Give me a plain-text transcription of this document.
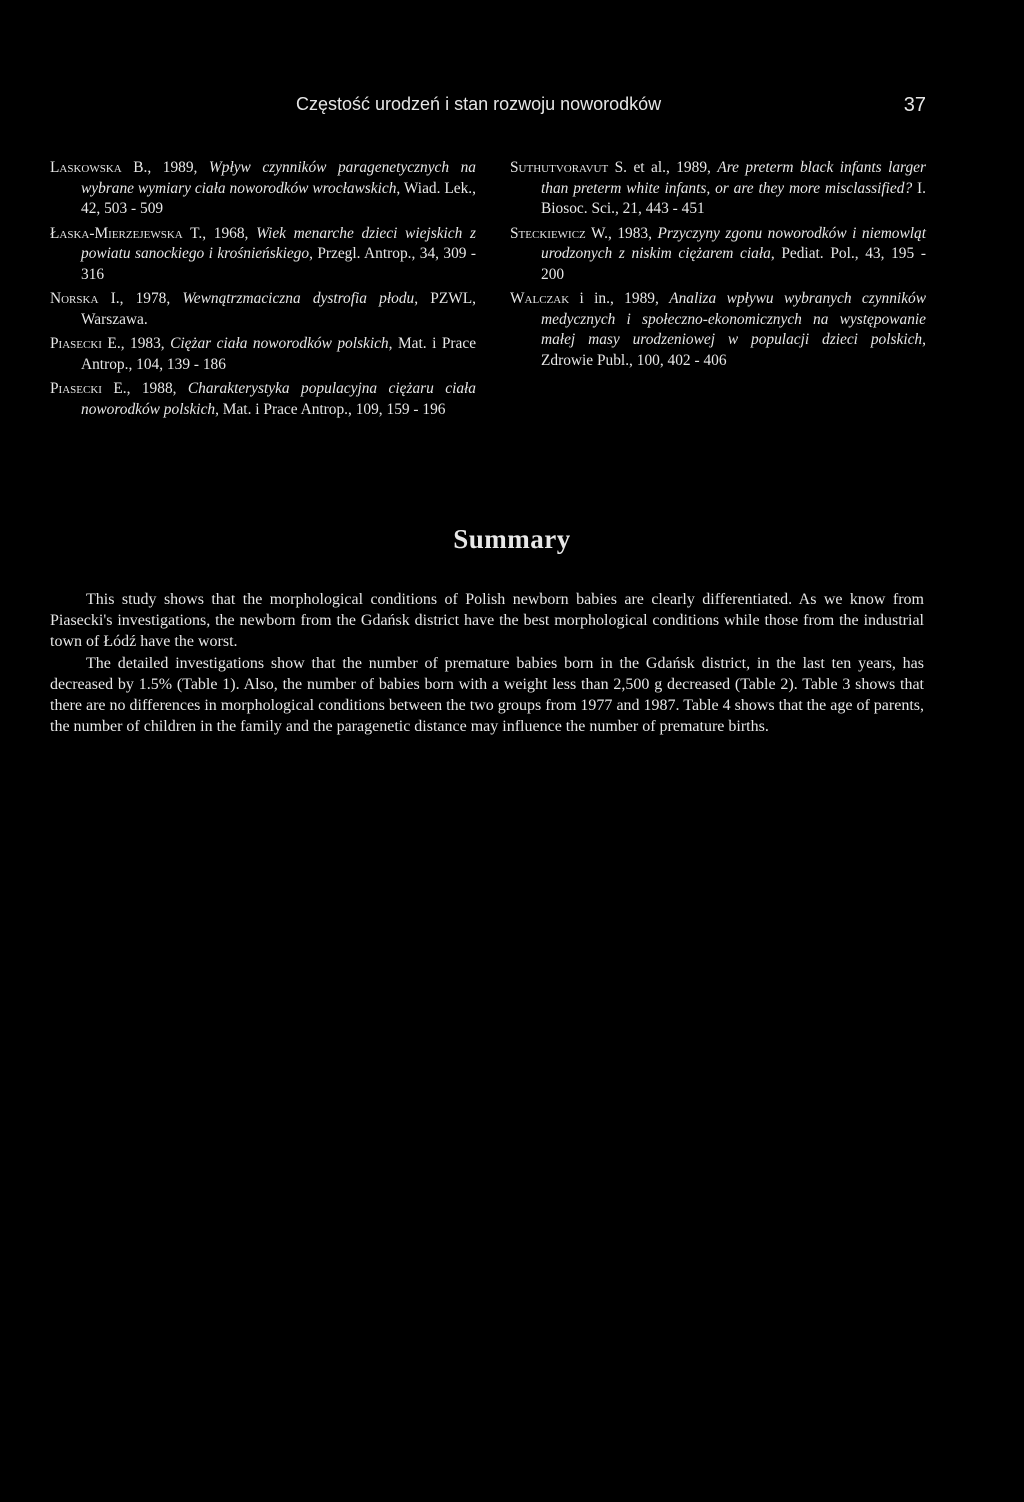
Częstość urodzeń i stan rozwoju noworodków	37

Laskowska B., 1989, Wpływ czynników paragenetycznych na wybrane wymiary ciała noworodków wrocławskich, Wiad. Lek., 42, 503 - 509

Łaska-Mierzejewska T., 1968, Wiek menarche dzieci wiejskich z powiatu sanockiego i krośnieńskiego, Przegl. Antrop., 34, 309 - 316

Norska I., 1978, Wewnątrzmaciczna dystrofia płodu, PZWL, Warszawa.

Piasecki E., 1983, Ciężar ciała noworodków polskich, Mat. i Prace Antrop., 104, 139 - 186

Piasecki E., 1988, Charakterystyka populacyjna ciężaru ciała noworodków polskich, Mat. i Prace Antrop., 109, 159 - 196

Suthutvoravut S. et al., 1989, Are preterm black infants larger than preterm white infants, or are they more misclassified? I. Biosoc. Sci., 21, 443 - 451

Steckiewicz W., 1983, Przyczyny zgonu noworodków i niemowląt urodzonych z niskim ciężarem ciała, Pediat. Pol., 43, 195 - 200

Walczak i in., 1989, Analiza wpływu wybranych czynników medycznych i społeczno-ekonomicznych na występowanie małej masy urodzeniowej w populacji dzieci polskich, Zdrowie Publ., 100, 402 - 406

Summary

This study shows that the morphological conditions of Polish newborn babies are clearly differentiated. As we know from Piasecki's investigations, the newborn from the Gdańsk district have the best morphological conditions while those from the industrial town of Łódź have the worst.

The detailed investigations show that the number of premature babies born in the Gdańsk district, in the last ten years, has decreased by 1.5% (Table 1). Also, the number of babies born with a weight less than 2,500 g decreased (Table 2). Table 3 shows that there are no differences in morphological conditions between the two groups from 1977 and 1987. Table 4 shows that the age of parents, the number of children in the family and the paragenetic distance may influence the number of premature births.
